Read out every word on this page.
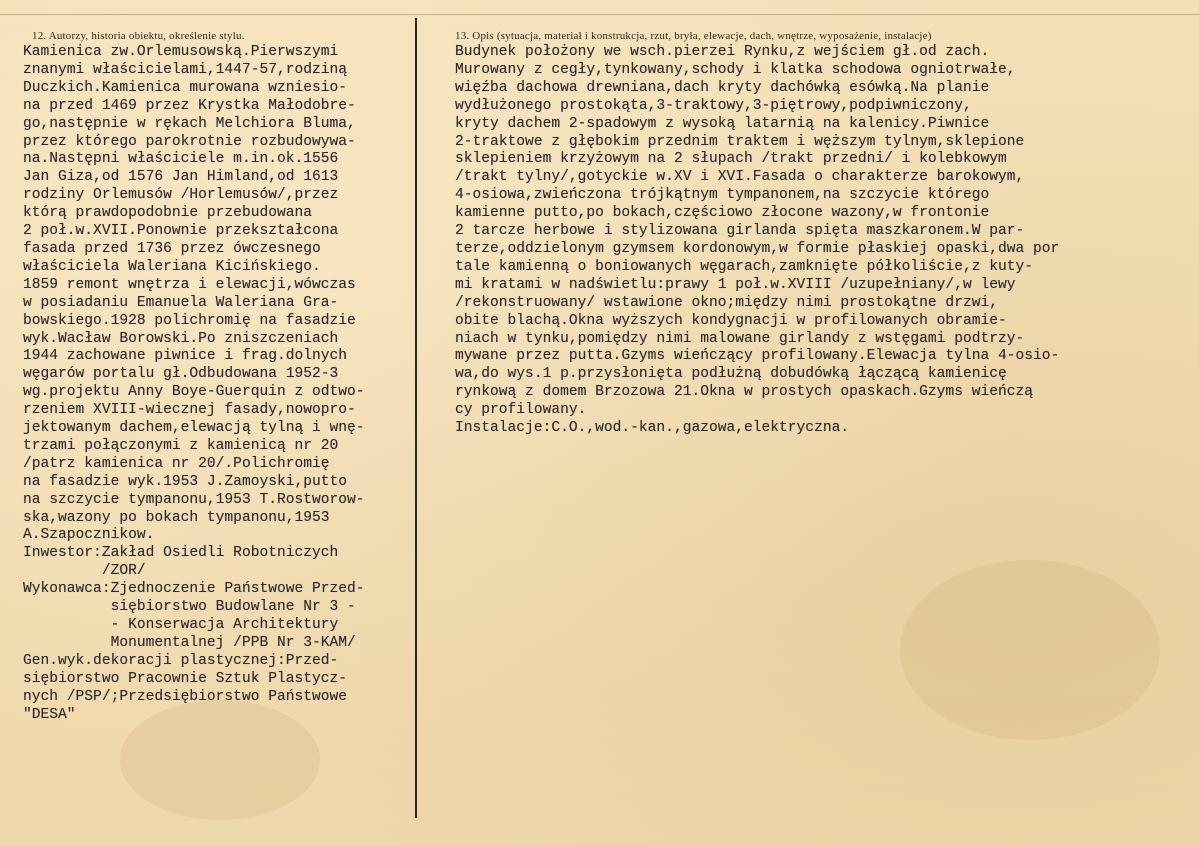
12. Autorzy, historia obiektu, określenie stylu.	13. Opis (sytuacja, materiał i konstrukcja, rzut, bryła, elewacje, dach, wnętrze, wyposażenie, instalacje)
Kamienica zw.Orlemusowską.Pierwszymi
znanymi właścicielami,1447-57,rodziną
Duczkich.Kamienica murowana wzniesio-
na przed 1469 przez Krystka Małodobre-
go,następnie w rękach Melchiora Bluma,
przez którego parokrotnie rozbudowywa-
na.Następni właściciele m.in.ok.1556
Jan Giza,od 1576 Jan Himland,od 1613
rodziny Orlemusów /Horlemusów/,przez
którą prawdopodobnie przebudowana
2 poł.w.XVII.Ponownie przekształcona
fasada przed 1736 przez ówczesnego
właściciela Waleriana Kicińskiego.
1859 remont wnętrza i elewacji,wówczas
w posiadaniu Emanuela Waleriana Gra-
bowskiego.1928 polichromię na fasadzie
wyk.Wacław Borowski.Po zniszczeniach
1944 zachowane piwnice i frag.dolnych
węgarów portalu gł.Odbudowana 1952-3
wg.projektu Anny Boye-Guerquin z odtwo-
rzeniem XVIII-wiecznej fasady,nowopro-
jektowanym dachem,elewacją tylną i wnę-
trzami połączonymi z kamienicą nr 20
/patrz kamienica nr 20/.Polichromię
na fasadzie wyk.1953 J.Zamoyski,putto
na szczycie tympanonu,1953 T.Rostworow-
ska,wazony po bokach tympanonu,1953
A.Szapocznikow.
Inwestor:Zakład Osiedli Robotniczych
/ZOR/
Wykonawca:Zjednoczenie Państwowe Przed-
siębiorstwo Budowlane Nr 3 -
- Konserwacja Architektury
Monumentalnej /PPB Nr 3-KAM/
Gen.wyk.dekoracji plastycznej:Przed-
siębiorstwo Pracownie Sztuk Plastycz-
nych /PSP/;Przedsiębiorstwo Państwowe
"DESA"
Budynek położony we wsch.pierzei Rynku,z wejściem gł.od zach.
Murowany z cegły,tynkowany,schody i klatka schodowa ogniotrwałe,
więźba dachowa drewniana,dach kryty dachówką esówką.Na planie
wydłużonego prostokąta,3-traktowy,3-piętrowy,podpiwniczony,
kryty dachem 2-spadowym z wysoką latarnią na kalenicy.Piwnice
2-traktowe z głębokim przednim traktem i węższym tylnym,sklepione
sklepieniem krzyżowym na 2 słupach /trakt przedni/ i kolebkowym
/trakt tylny/,gotyckie w.XV i XVI.Fasada o charakterze barokowym,
4-osiowa,zwieńczona trójkątnym tympanonem,na szczycie którego
kamienne putto,po bokach,częściowo złocone wazony,w frontonie
2 tarcze herbowe i stylizowana girlanda spięta maszkaronem.W par-
terze,oddzielonym gzymsem kordonowym,w formie płaskiej opaski,dwa por
tale kamienną o boniowanych węgarach,zamknięte półkoliście,z kuty-
mi kratami w nadświetlu:prawy 1 poł.w.XVIII /uzupełniany/,w lewy
/rekonstruowany/ wstawione okno;między nimi prostokątne drzwi,
obite blachą.Okna wyższych kondygnacji w profilowanych obramie-
niach w tynku,pomiędzy nimi malowane girlandy z wstęgami podtrzy-
mywane przez putta.Gzyms wieńczący profilowany.Elewacja tylna 4-osio-
wa,do wys.1 p.przysłonięta podłużną dobudówką łączącą kamienicę
rynkową z domem Brzozowa 21.Okna w prostych opaskach.Gzyms wieńczą
cy profilowany.
Instalacje:C.O.,wod.-kan.,gazowa,elektryczna.
